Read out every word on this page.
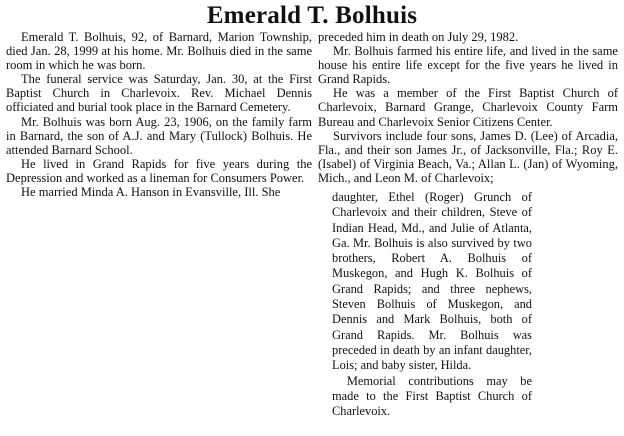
Emerald T. Bolhuis

Emerald T. Bolhuis, 92, of Barnard, Marion Township, died Jan. 28, 1999 at his home. Mr. Bolhuis died in the same room in which he was born.

The funeral service was Saturday, Jan. 30, at the First Baptist Church in Charlevoix. Rev. Michael Dennis officiated and burial took place in the Barnard Cemetery.

Mr. Bolhuis was born Aug. 23, 1906, on the family farm in Barnard, the son of A.J. and Mary (Tullock) Bolhuis. He attended Barnard School.

He lived in Grand Rapids for five years during the Depression and worked as a lineman for Consumers Power.

He married Minda A. Hanson in Evansville, Ill. She

preceded him in death on July 29, 1982.

Mr. Bolhuis farmed his entire life, and lived in the same house his entire life except for the five years he lived in Grand Rapids.

He was a member of the First Baptist Church of Charlevoix, Barnard Grange, Charlevoix County Farm Bureau and Charlevoix Senior Citizens Center.

Survivors include four sons, James D. (Lee) of Arcadia, Fla., and their son James Jr., of Jacksonville, Fla.; Roy E. (Isabel) of Virginia Beach, Va.; Allan L. (Jan) of Wyoming, Mich., and Leon M. of Charlevoix;

daughter, Ethel (Roger) Grunch of Charlevoix and their children, Steve of Indian Head, Md., and Julie of Atlanta, Ga. Mr. Bolhuis is also survived by two brothers, Robert A. Bolhuis of Muskegon, and Hugh K. Bolhuis of Grand Rapids; and three nephews, Steven Bolhuis of Muskegon, and Dennis and Mark Bolhuis, both of Grand Rapids. Mr. Bolhuis was preceded in death by an infant daughter, Lois; and baby sister, Hilda.

Memorial contributions may be made to the First Baptist Church of Charlevoix.
